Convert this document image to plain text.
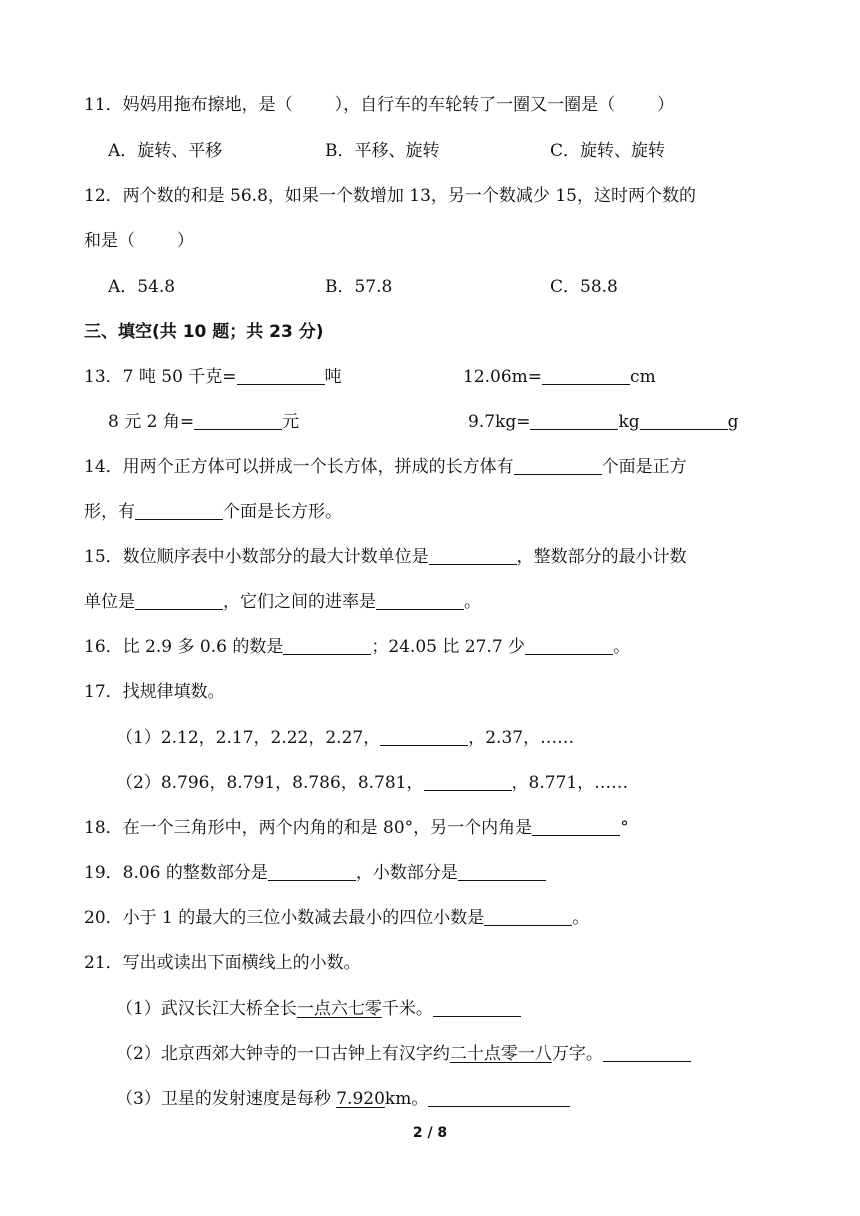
11．妈妈用拖布擦地，是（ ），自行车的车轮转了一圈又一圈是（ ）
A．旋转、平移	B．平移、旋转	C．旋转、旋转
12．两个数的和是 56.8，如果一个数增加 13，另一个数减少 15，这时两个数的
和是（ ）
A．54.8	B．57.8	C．58.8
三、填空(共 10 题；共 23 分)
13．7 吨 50 千克=	吨	12.06m=	cm
8 元 2 角=	元	9.7kg=	kg	g
14．用两个正方体可以拼成一个长方体，拼成的长方体有	个面是正方
形，有	个面是长方形。
15．数位顺序表中小数部分的最大计数单位是	，整数部分的最小计数
单位是	，它们之间的进率是	。
16．比 2.9 多 0.6 的数是	；24.05 比 27.7 少	。
17．找规律填数。
（1）2.12，2.17，2.22，2.27，	，2.37，……
（2）8.796，8.791，8.786，8.781，	，8.771，……
18．在一个三角形中，两个内角的和是 80°，另一个内角是	°
19．8.06 的整数部分是	，小数部分是
20．小于 1 的最大的三位小数减去最小的四位小数是	。
21．写出或读出下面横线上的小数。
（1）武汉长江大桥全长一点六七零千米。
（2）北京西郊大钟寺的一口古钟上有汉字约二十点零一八万字。
（3）卫星的发射速度是每秒 7.920km。
2 / 8
